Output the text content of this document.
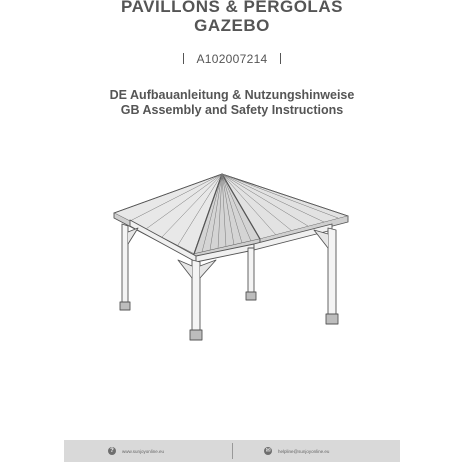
PAVILLONS & PERGOLAS
GAZEBO
A102007214
DE Aufbauanleitung & Nutzungshinweise
GB Assembly and Safety Instructions
?	www.sunjoyonline.eu	✉	helpline@sunjoyonline.eu
